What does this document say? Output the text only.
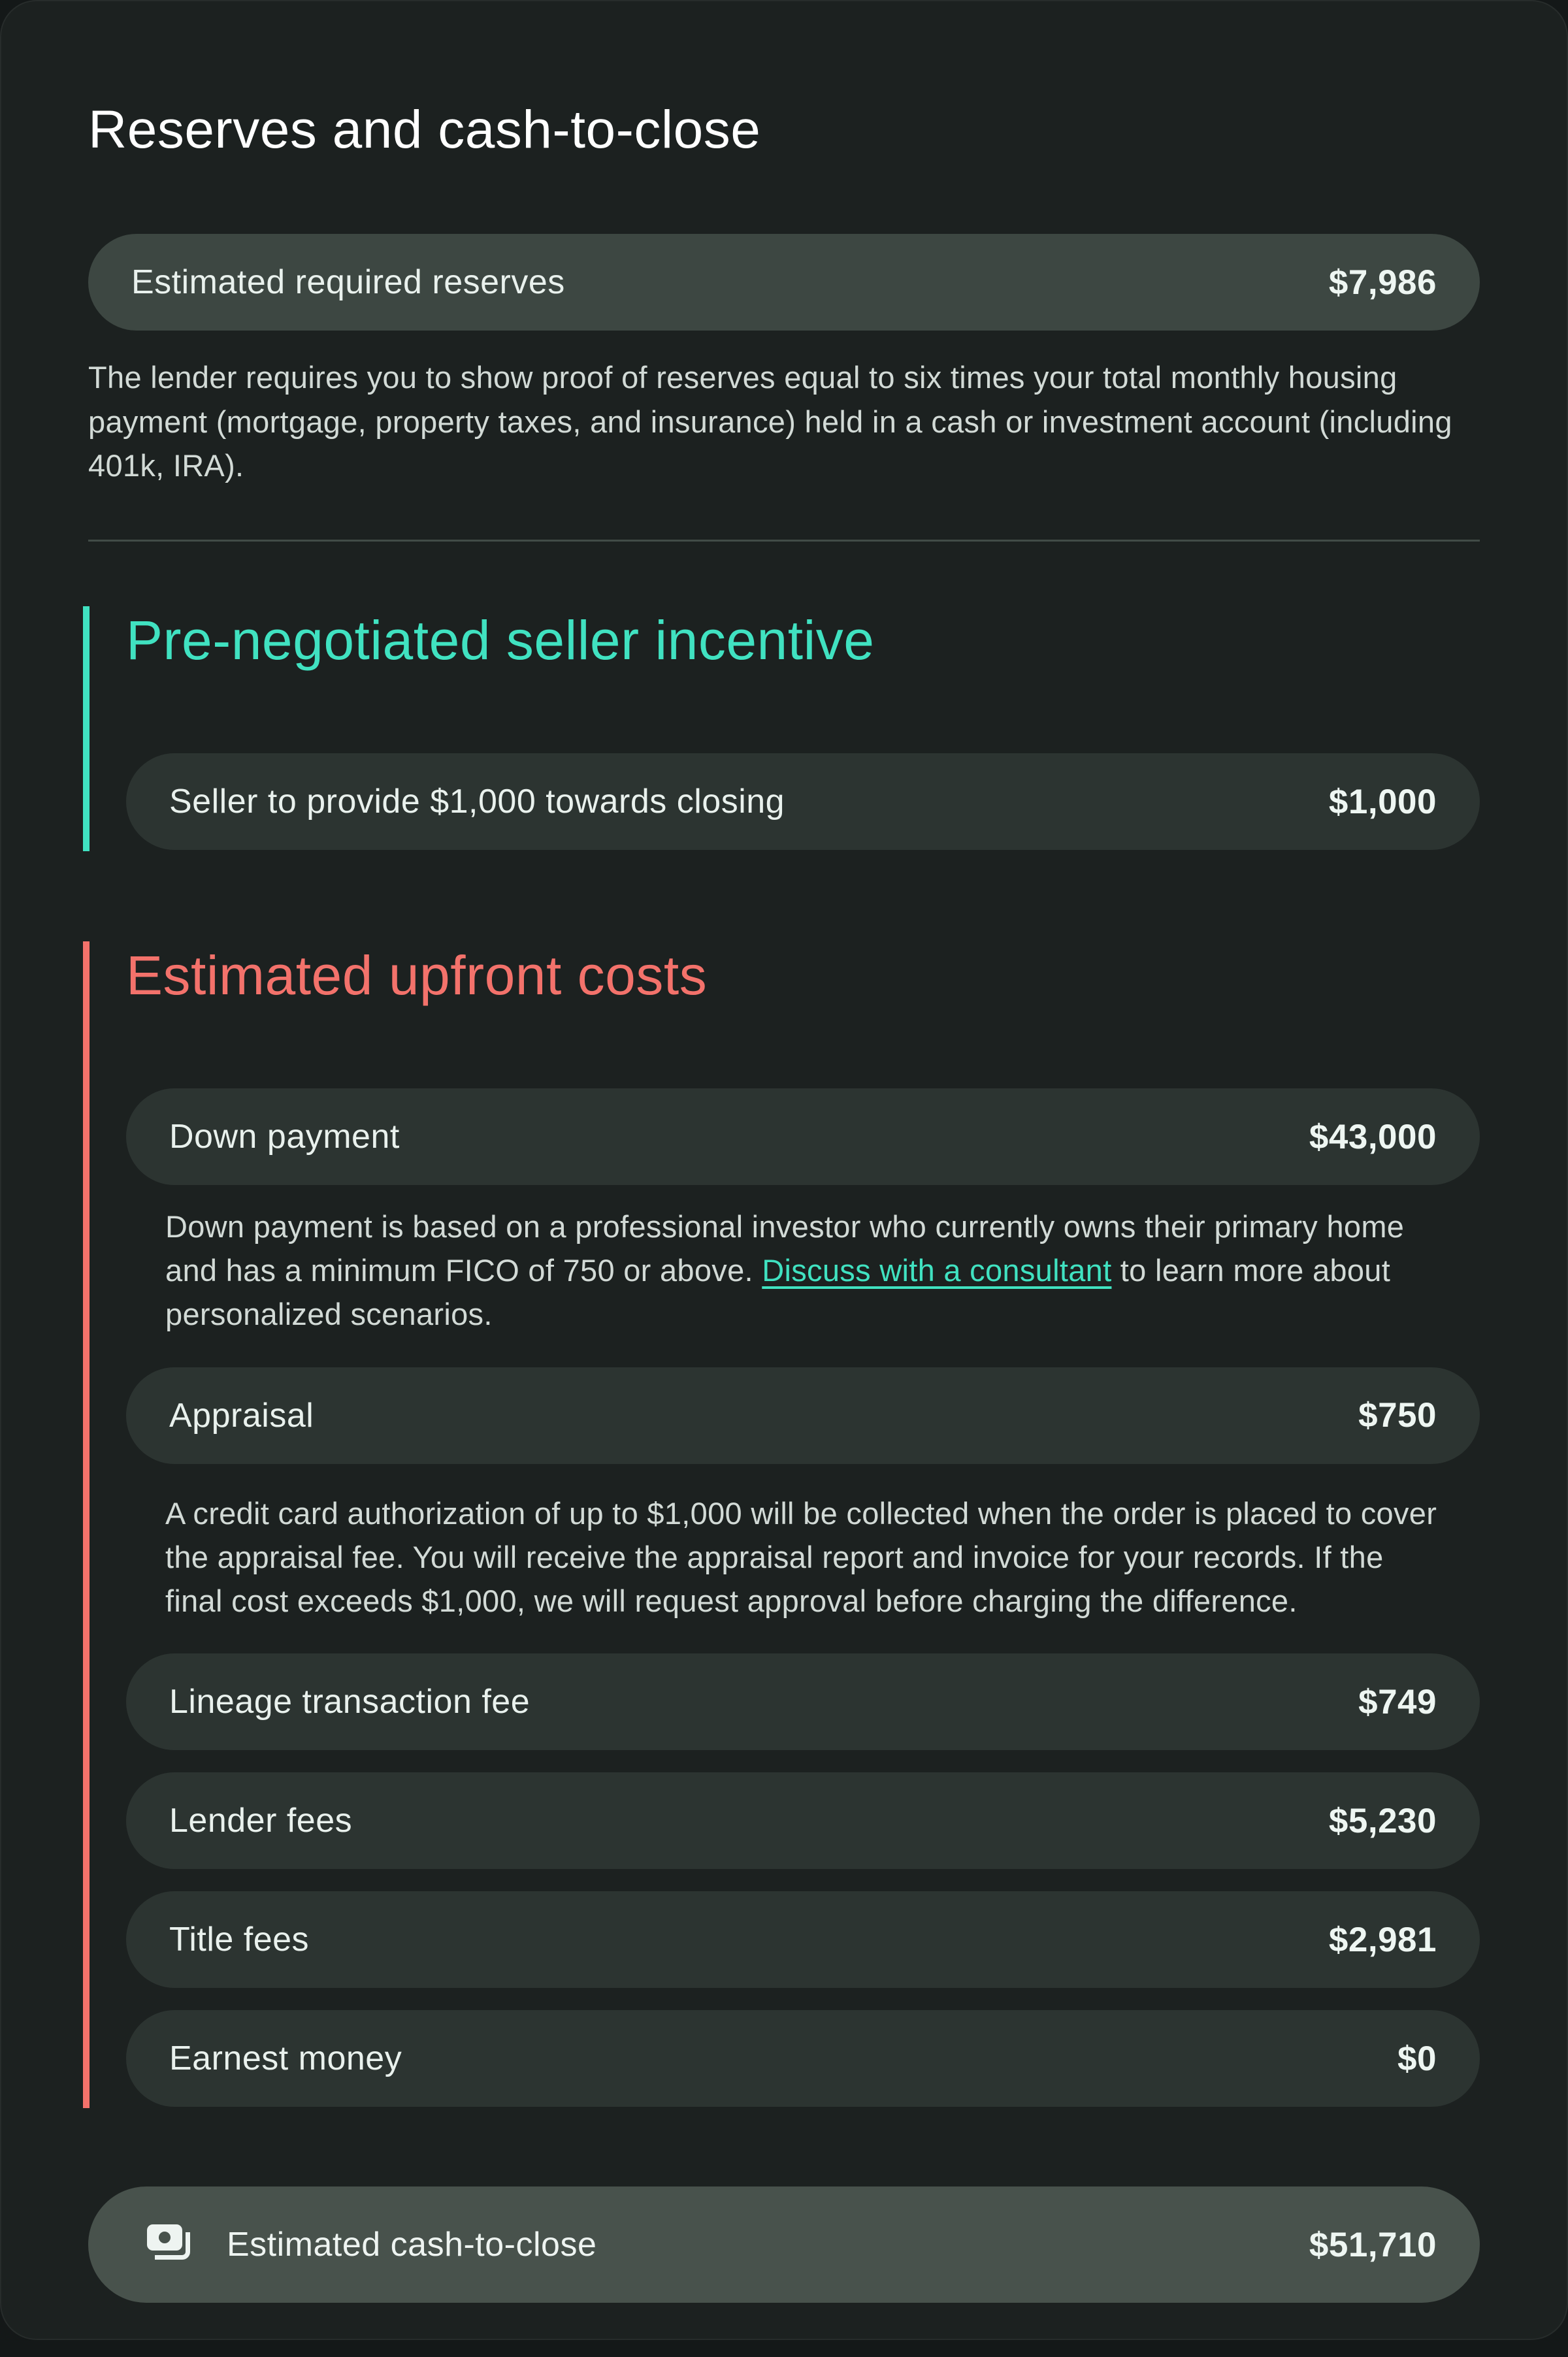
Reserves and cash-to-close
Estimated required reserves	$7,986

The lender requires you to show proof of reserves equal to six times your total monthly housing payment (mortgage, property taxes, and insurance) held in a cash or investment account (including 401k, IRA).

Pre-negotiated seller incentive
Seller to provide $1,000 towards closing	$1,000
Estimated upfront costs
Down payment	$43,000

Down payment is based on a professional investor who currently owns their primary home and has a minimum FICO of 750 or above. Discuss with a consultant to learn more about personalized scenarios.

Appraisal	$750

A credit card authorization of up to $1,000 will be collected when the order is placed to cover the appraisal fee. You will receive the appraisal report and invoice for your records. If the final cost exceeds $1,000, we will request approval before charging the difference.

Lineage transaction fee	$749
Lender fees	$5,230
Title fees	$2,981
Earnest money	$0
Estimated cash-to-close	$51,710
